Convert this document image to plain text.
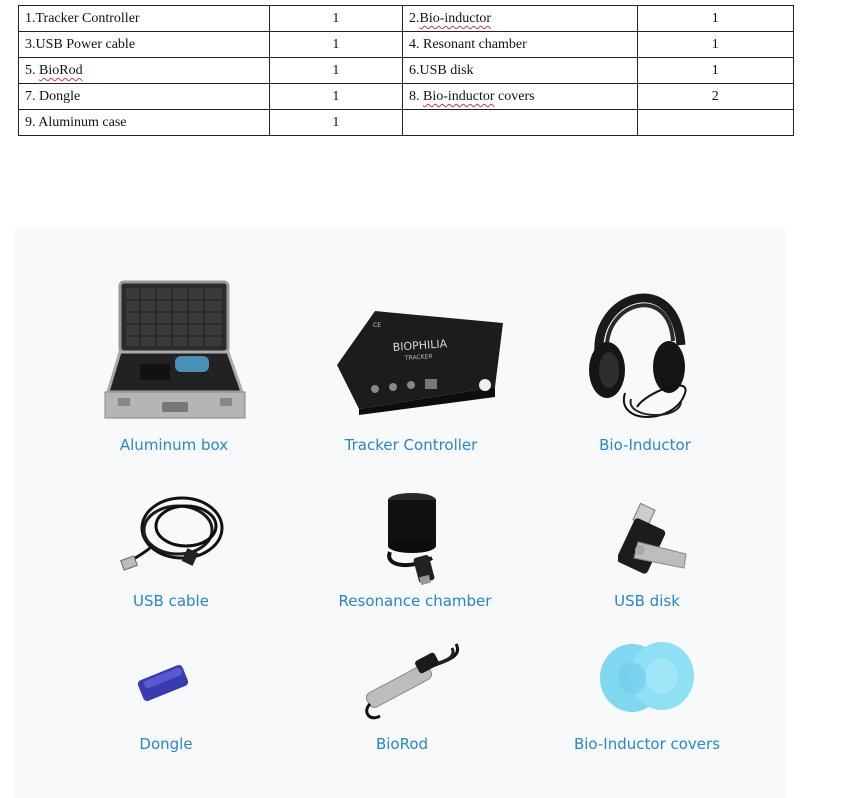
1.Tracker Controller	1	2.Bio-inductor	1
3.USB Power cable	1	4. Resonant chamber	1
5. BioRod	1	6.USB disk	1
7. Dongle	1	8. Bio-inductor covers	2
9. Aluminum case	1		
Aluminum box
BIOPHILIA
TRACKER
CE
Tracker Controller	Bio-Inductor
USB cable	Resonance chamber	USB disk
Dongle	BioRod	Bio-Inductor covers
